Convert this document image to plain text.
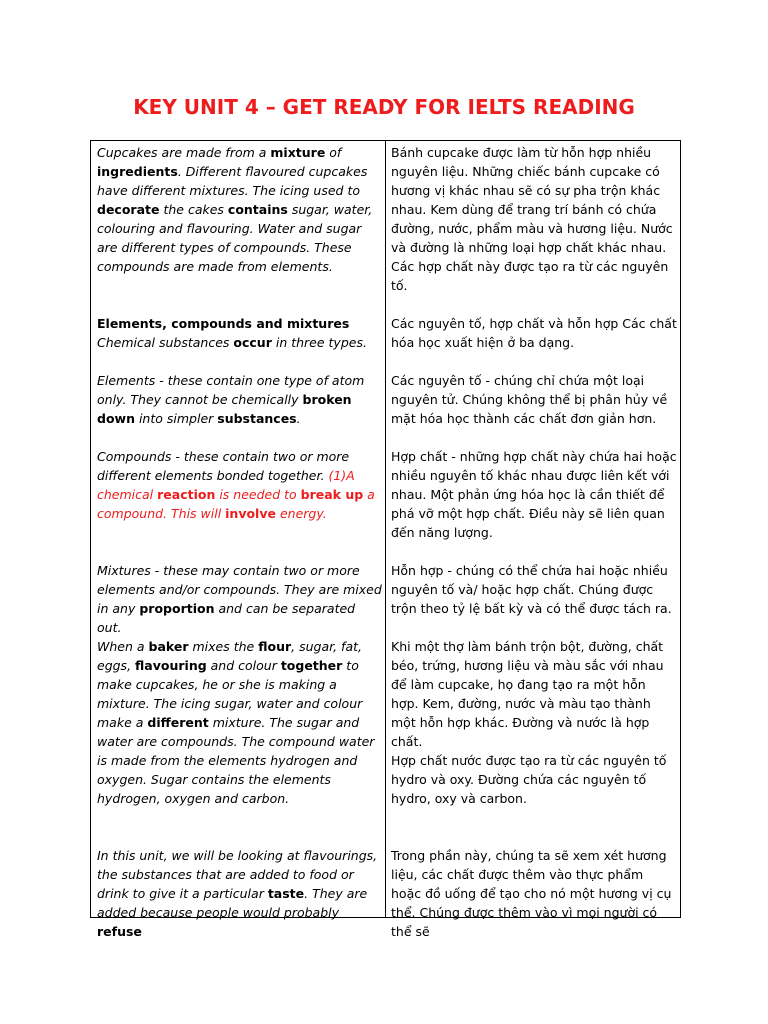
KEY UNIT 4 – GET READY FOR IELTS READING
Cupcakes are made from a mixture of ingredients. Different flavoured cupcakes have different mixtures. The icing used to decorate the cakes contains sugar, water, colouring and flavouring. Water and sugar are different types of compounds. These compounds are made from elements.
Elements, compounds and mixtures Chemical substances occur in three types.
Elements - these contain one type of atom only. They cannot be chemically broken down into simpler substances.
Compounds - these contain two or more different elements bonded together. (1)A chemical reaction is needed to break up a compound. This will involve energy.
Mixtures - these may contain two or more elements and/or compounds. They are mixed in any proportion and can be separated out.
When a baker mixes the flour, sugar, fat, eggs, flavouring and colour together to make cupcakes, he or she is making a mixture. The icing sugar, water and colour make a different mixture. The sugar and water are compounds. The compound water is made from the elements hydrogen and oxygen. Sugar contains the elements hydrogen, oxygen and carbon.
In this unit, we will be looking at flavourings, the substances that are added to food or drink to give it a particular taste. They are added because people would probably refuse
Bánh cupcake được làm từ hỗn hợp nhiều nguyên liệu. Những chiếc bánh cupcake có hương vị khác nhau sẽ có sự pha trộn khác nhau. Kem dùng để trang trí bánh có chứa đường, nước, phẩm màu và hương liệu. Nước và đường là những loại hợp chất khác nhau. Các hợp chất này được tạo ra từ các nguyên tố.
Các nguyên tố, hợp chất và hỗn hợp Các chất hóa học xuất hiện ở ba dạng.
Các nguyên tố - chúng chỉ chứa một loại nguyên tử. Chúng không thể bị phân hủy về mặt hóa học thành các chất đơn giản hơn.
Hợp chất - những hợp chất này chứa hai hoặc nhiều nguyên tố khác nhau được liên kết với nhau. Một phản ứng hóa học là cần thiết để phá vỡ một hợp chất. Điều này sẽ liên quan đến năng lượng.
Hỗn hợp - chúng có thể chứa hai hoặc nhiều nguyên tố và/ hoặc hợp chất. Chúng được trộn theo tỷ lệ bất kỳ và có thể được tách ra.
Khi một thợ làm bánh trộn bột, đường, chất béo, trứng, hương liệu và màu sắc với nhau để làm cupcake, họ đang tạo ra một hỗn hợp. Kem, đường, nước và màu tạo thành một hỗn hợp khác. Đường và nước là hợp chất.
Hợp chất nước được tạo ra từ các nguyên tố hydro và oxy. Đường chứa các nguyên tố hydro, oxy và carbon.
Trong phần này, chúng ta sẽ xem xét hương liệu, các chất được thêm vào thực phẩm hoặc đồ uống để tạo cho nó một hương vị cụ thể. Chúng được thêm vào vì mọi người có thể sẽ
